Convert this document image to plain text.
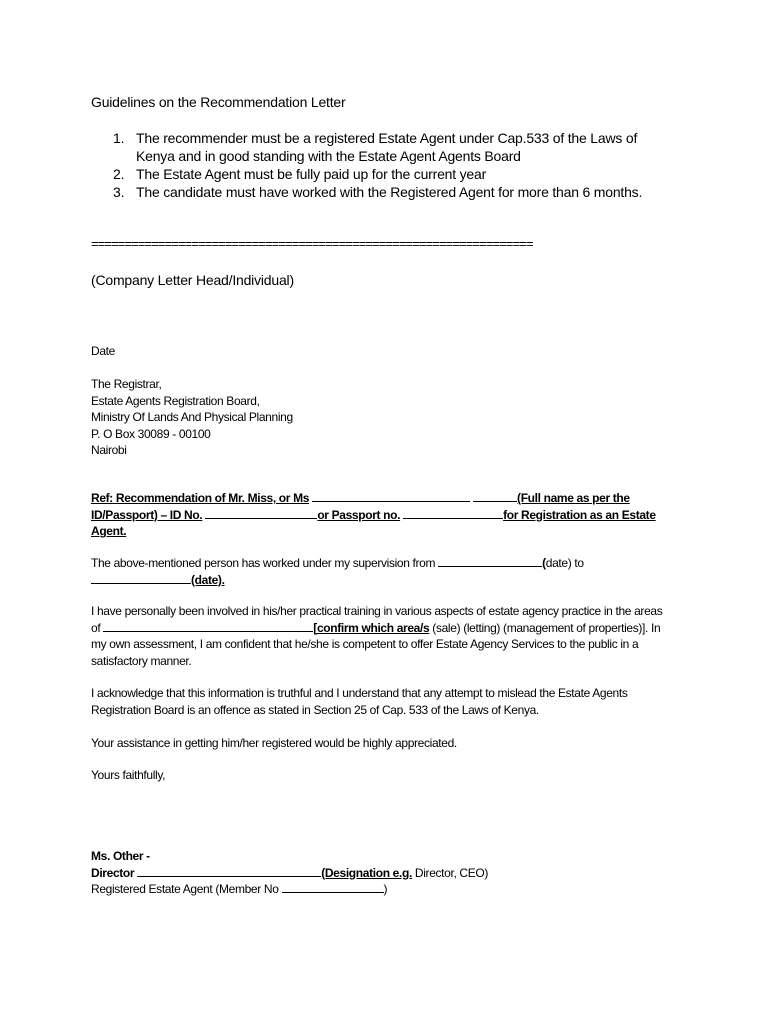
Guidelines on the Recommendation Letter
1. The recommender must be a registered Estate Agent under Cap.533 of the Laws of Kenya and in good standing with the Estate Agent Agents Board
2. The Estate Agent must be fully paid up for the current year
3. The candidate must have worked with the Registered Agent for more than 6 months.
==================================================================
(Company Letter Head/Individual)
Date
The Registrar,
Estate Agents Registration Board,
Ministry Of Lands And Physical Planning
P. O Box 30089 - 00100
Nairobi
Ref: Recommendation of Mr. Miss, or Ms	(Full name as per the
ID/Passport) – ID No.	or Passport no.	for Registration as an Estate
Agent.
The above-mentioned person has worked under my supervision from	(date) to
(date).
I have personally been involved in his/her practical training in various aspects of estate agency practice in the areas of	[confirm which area/s (sale) (letting) (management of properties)]. In my own assessment, I am confident that he/she is competent to offer Estate Agency Services to the public in a satisfactory manner.
I acknowledge that this information is truthful and I understand that any attempt to mislead the Estate Agents Registration Board is an offence as stated in Section 25 of Cap. 533 of the Laws of Kenya.
Your assistance in getting him/her registered would be highly appreciated.
Yours faithfully,
Ms. Other -
Director	(Designation e.g. Director, CEO)
Registered Estate Agent (Member No	)
